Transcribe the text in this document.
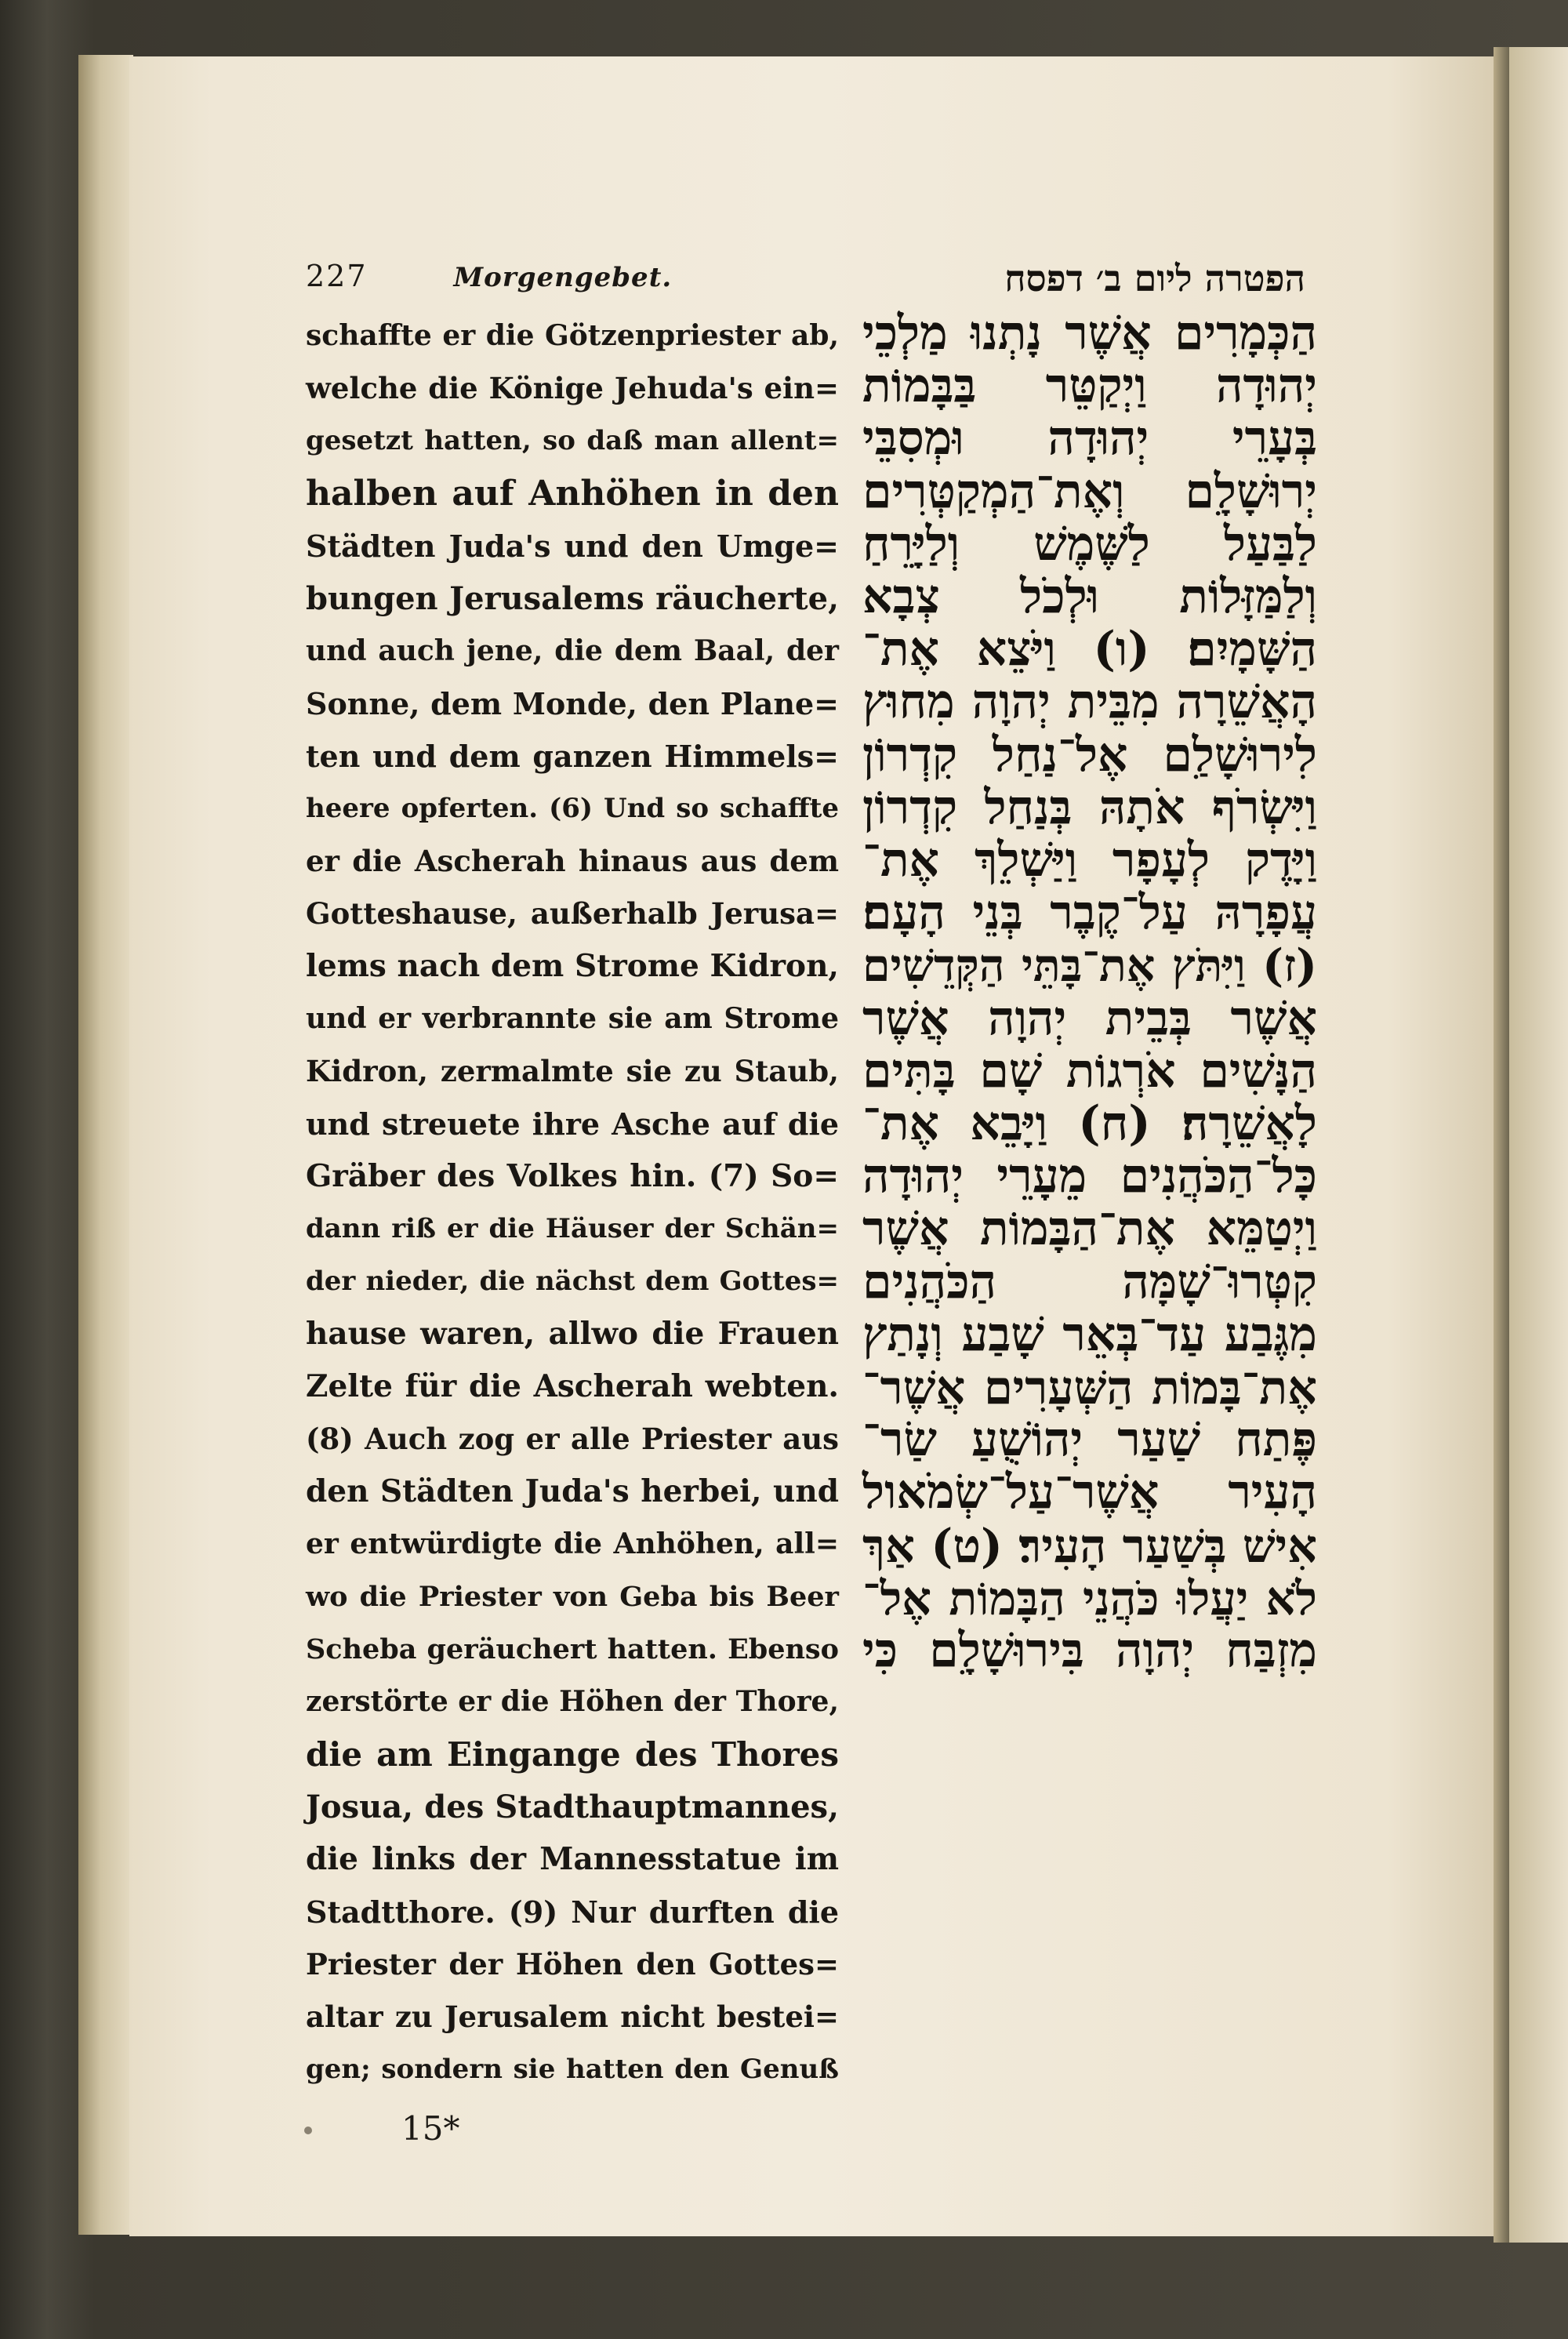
227	Morgengebet.	הפטרה ליום ב׳ דפסח
schaffte er die Götzenpriester ab,
welche die Könige Jehuda's ein=
gesetzt hatten, so daß man allent=
halben auf Anhöhen in den
Städten Juda's und den Umge=
bungen Jerusalems räucherte,
und auch jene, die dem Baal, der
Sonne, dem Monde, den Plane=
ten und dem ganzen Himmels=
heere opferten. (6) Und so schaffte
er die Ascherah hinaus aus dem
Gotteshause, außerhalb Jerusa=
lems nach dem Strome Kidron,
und er verbrannte sie am Strome
Kidron, zermalmte sie zu Staub,
und streuete ihre Asche auf die
Gräber des Volkes hin. (7) So=
dann riß er die Häuser der Schän=
der nieder, die nächst dem Gottes=
hause waren, allwo die Frauen
Zelte für die Ascherah webten.
(8) Auch zog er alle Priester aus
den Städten Juda's herbei, und
er entwürdigte die Anhöhen, all=
wo die Priester von Geba bis Beer
Scheba geräuchert hatten. Ebenso
zerstörte er die Höhen der Thore,
die am Eingange des Thores
Josua, des Stadthauptmannes,
die links der Mannesstatue im
Stadtthore. (9) Nur durften die
Priester der Höhen den Gottes=
altar zu Jerusalem nicht bestei=
gen; sondern sie hatten den Genuß
הַכְּמָרִים אֲשֶׁר נָתְנוּ מַלְכֵי
יְהוּדָה וַיְקַטֵּר בַּבָּמוֹת
בְּעָרֵי יְהוּדָה וּמְסִבֵּי
יְרוּשָׁלָ͏ִם וְאֶת־הַמְקַטְּרִים
לַבַּעַל לַשֶּׁמֶשׁ וְלַיָּרֵחַ
וְלַמַּזָּלוֹת וּלְכֹל צְבָא
הַשָּׁמָיִם׃ (ו) וַיֹּצֵא אֶת־
הָאֲשֵׁרָה מִבֵּית יְהוָה מִחוּץ
לִירוּשָׁלַ͏ִם אֶל־נַחַל קִדְרוֹן
וַיִּשְׂרֹף אֹתָהּ בְּנַחַל קִדְרוֹן
וַיָּדֶק לְעָפָר וַיַּשְׁלֵךְ אֶת־
עֲפָרָהּ עַל־קֶבֶר בְּנֵי הָעָם׃
(ז) וַיִּתֹּץ אֶת־בָּתֵּי הַקְּדֵשִׁים
אֲשֶׁר בְּבֵית יְהוָה אֲשֶׁר
הַנָּשִׁים אֹרְגוֹת שָׁם בָּתִּים
לָאֲשֵׁרָה׃ (ח) וַיָּבֵא אֶת־
כָּל־הַכֹּהֲנִים מֵעָרֵי יְהוּדָה
וַיְטַמֵּא אֶת־הַבָּמוֹת אֲשֶׁר
קִטְּרוּ־שָׁמָּה הַכֹּהֲנִים
מִגֶּבַע עַד־בְּאֵר שָׁבַע וְנָתַץ
אֶת־בָּמוֹת הַשְּׁעָרִים אֲשֶׁר־
פֶּתַח שַׁעַר יְהוֹשֻׁעַ שַׂר־
הָעִיר אֲשֶׁר־עַל־שְׂמֹאול
אִישׁ בְּשַׁעַר הָעִיר׃ (ט) אַךְ
לֹא יַעֲלוּ כֹּהֲנֵי הַבָּמוֹת אֶל־
מִזְבַּח יְהוָה בִּירוּשָׁלָ͏ִם כִּי
15*
